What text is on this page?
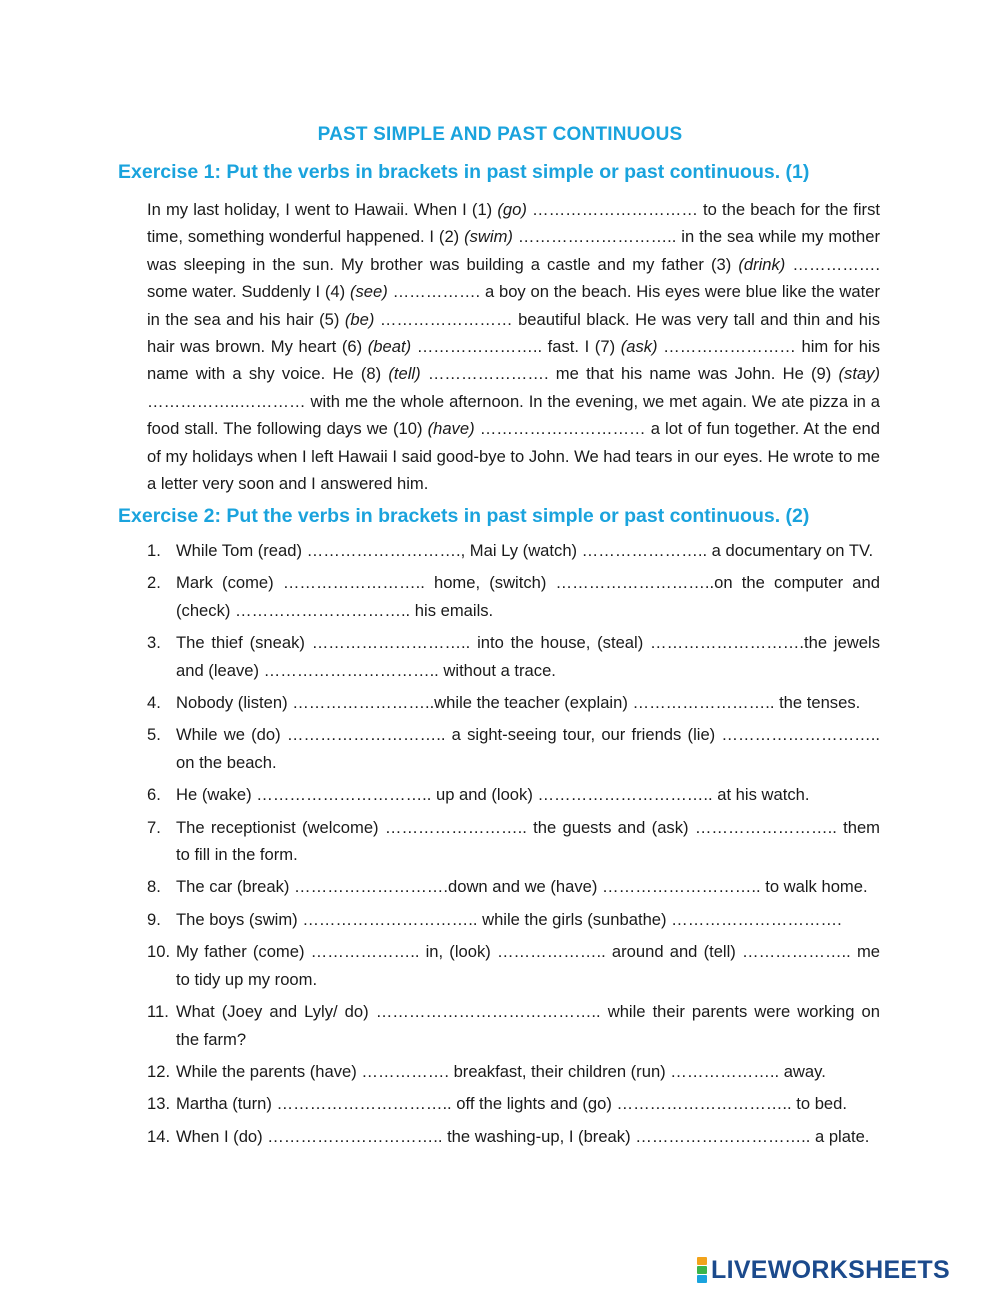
PAST SIMPLE AND PAST CONTINUOUS
Exercise 1: Put the verbs in brackets in past simple or past continuous. (1)
In my last holiday, I went to Hawaii. When I (1) (go) ………………………… to the beach for the first time, something wonderful happened. I (2) (swim) ……………………….. in the sea while my mother was sleeping in the sun. My brother was building a castle and my father (3) (drink) ……………. some water. Suddenly I (4) (see) ……………. a boy on the beach. His eyes were blue like the water in the sea and his hair (5) (be) …………………… beautiful black. He was very tall and thin and his hair was brown. My heart (6) (beat) ………………….. fast. I (7) (ask) …………………… him for his name with a shy voice. He (8) (tell) …………………. me that his name was John. He (9) (stay) ……………..………… with me the whole afternoon. In the evening, we met again. We ate pizza in a food stall. The following days we (10) (have) ………………………… a lot of fun together. At the end of my holidays when I left Hawaii I said good-bye to John. We had tears in our eyes. He wrote to me a letter very soon and I answered him.
Exercise 2: Put the verbs in brackets in past simple or past continuous. (2)
1. While Tom (read) ………………………., Mai Ly (watch) ………………….. a documentary on TV.
2. Mark (come) …………………….. home, (switch) ………………………..on the computer and (check) ………………………….. his emails.
3. The thief (sneak) ……………………….. into the house, (steal) ……………………….the jewels and (leave) ………………………….. without a trace.
4. Nobody (listen) ……………………..while the teacher (explain) …………………….. the tenses.
5. While we (do) ……………………….. a sight-seeing tour, our friends (lie) ……………………….. on the beach.
6. He (wake) ………………………….. up and (look) ………………………….. at his watch.
7. The receptionist (welcome) …………………….. the guests and (ask) …………………….. them to fill in the form.
8. The car (break) ……………………….down and we (have) ……………………….. to walk home.
9. The boys (swim) ………………………….. while the girls (sunbathe) ………………………….
10. My father (come) ……………….. in, (look) ……………….. around and (tell) ……………….. me to tidy up my room.
11. What (Joey and Lyly/ do) ………………………………….. while their parents were working on the farm?
12. While the parents (have) ……………. breakfast, their children (run) ……………….. away.
13. Martha (turn) ………………………….. off the lights and (go) ………………………….. to bed.
14. When I (do) ………………………….. the washing-up, I (break) ………………………….. a plate.
LIVEWORKSHEETS
